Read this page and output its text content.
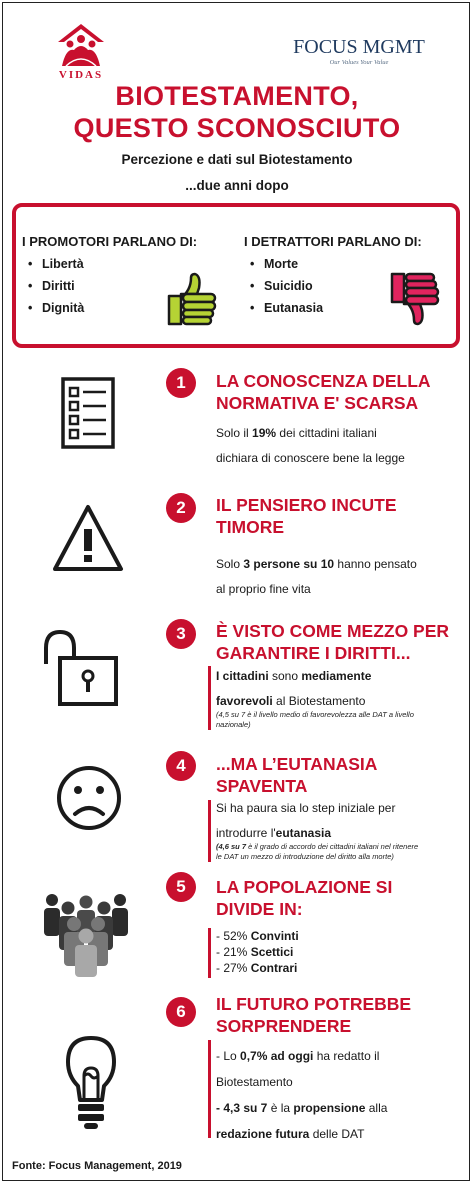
VIDAS
FOCUS MGMT
Our Values Your Value
BIOTESTAMENTO,
QUESTO SCONOSCIUTO
Percezione e dati sul Biotestamento
...due anni dopo
I PROMOTORI PARLANO DI:
• Libertà
• Diritti
• Dignità
I DETRATTORI PARLANO DI:
• Morte
• Suicidio
• Eutanasia
1	LA CONOSCENZA DELLA
NORMATIVA E' SCARSA
Solo il 19% dei cittadini italiani
dichiara di conoscere bene la legge
2	IL PENSIERO INCUTE
TIMORE
Solo 3 persone su 10 hanno pensato
al proprio fine vita
3	È VISTO COME MEZZO PER
GARANTIRE I DIRITTI...
I cittadini sono mediamente
favorevoli al Biotestamento
(4,5 su 7 è il livello medio di favorevolezza alle DAT a livello
nazionale)
4	...MA L’EUTANASIA
SPAVENTA
Si ha paura sia lo step iniziale per
introdurre l'eutanasia
(4,6 su 7 è il grado di accordo dei cittadini italiani nel ritenere
le DAT un mezzo di introduzione del diritto alla morte)
5	LA POPOLAZIONE SI
DIVIDE IN:
- 52% Convinti
- 21% Scettici
- 27% Contrari
6	IL FUTURO POTREBBE
SORPRENDERE
- Lo 0,7% ad oggi ha redatto il
Biotestamento
- 4,3 su 7 è la propensione alla
redazione futura delle DAT
Fonte: Focus Management, 2019
